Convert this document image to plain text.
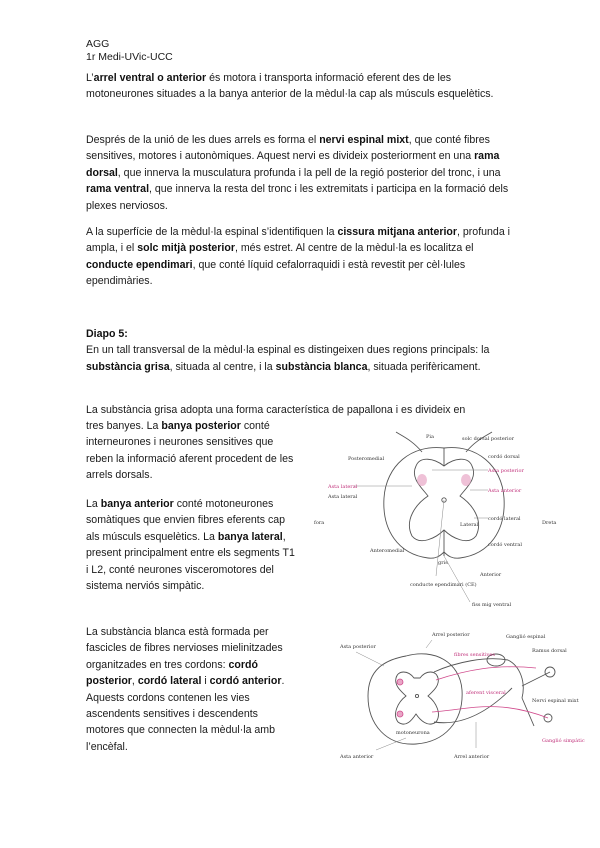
AGG
1r Medi-UVic-UCC

L’arrel ventral o anterior és motora i transporta informació eferent des de les motoneurones situades a la banya anterior de la mèdul·la cap als músculs esquelètics.

Després de la unió de les dues arrels es forma el nervi espinal mixt, que conté fibres sensitives, motores i autonòmiques. Aquest nervi es divideix posteriorment en una rama dorsal, que innerva la musculatura profunda i la pell de la regió posterior del tronc, i una rama ventral, que innerva la resta del tronc i les extremitats i participa en la formació dels plexes nerviosos.

A la superfície de la mèdul·la espinal s’identifiquen la cissura mitjana anterior, profunda i ampla, i el solc mitjà posterior, més estret. Al centre de la mèdul·la es localitza el conducte ependimari, que conté líquid cefalorraquidi i està revestit per cèl·lules ependimàries.

Diapo 5:
En un tall transversal de la mèdul·la espinal es distingeixen dues regions principals: la substància grisa, situada al centre, i la substància blanca, situada perifèricament.

La substància grisa adopta una forma característica de papallona i es divideix en

tres banyes. La banya posterior conté interneurones i neurones sensitives que reben la informació aferent procedent de les arrels dorsals.

La banya anterior conté motoneurones somàtiques que envien fibres eferents cap als músculs esquelètics. La banya lateral, present principalment entre els segments T1 i L2, conté neurones visceromotores del sistema nerviós simpàtic.

La substància blanca està formada per fascicles de fibres nervioses mielinitzades organitzades en tres cordons: cordó posterior, cordó lateral i cordó anterior. Aquests cordons contenen les vies ascendents sensitives i descendents motores que connecten la mèdul·la amb l’encèfal.

Posteromedial
solc dorsal posterior
Asta posterior
Asta lateral
Asta anterior
cordó lateral
Lateral
fora	Dreta
Anteromedial
Anterior
gris
conducte ependimari (CE)
fiss mig ventral
cordó ventral
cordó dorsal
Asta lateral
Pia
Arrel posterior	Ganglió espinal
Asta posterior
Asta anterior	Arrel anterior
Ramus dorsal
Nervi espinal mixt
fibres sensitives
Ganglió simpàtic
aferent visceral
motoneurona
